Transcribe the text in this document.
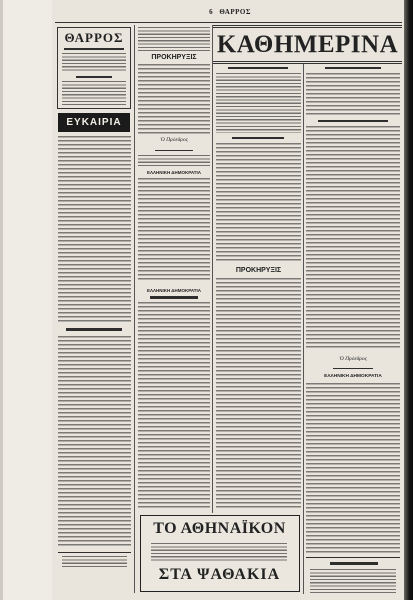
6 ΘΑΡΡΟΣ
ΘΑΡΡΟΣ
ΕΥΚΑΙΡΙΑ
ΠΡΟΚΗΡΥΞΙΣ
Ὁ Πρόεδρος
ΕΛΛΗΝΙΚΗ ΔΗΜΟΚΡΑΤΙΑ
ΕΛΛΗΝΙΚΗ ΔΗΜΟΚΡΑΤΙΑ
ΚΑΘΗΜΕΡΙΝΑ
ΠΡΟΚΗΡΥΞΙΣ
Ὁ Πρόεδρος
ΕΛΛΗΝΙΚΗ ΔΗΜΟΚΡΑΤΙΑ
ΤΟ ΑΘΗΝΑΪΚΟΝ
ΣΤΑ ΨΑΘΑΚΙΑ
